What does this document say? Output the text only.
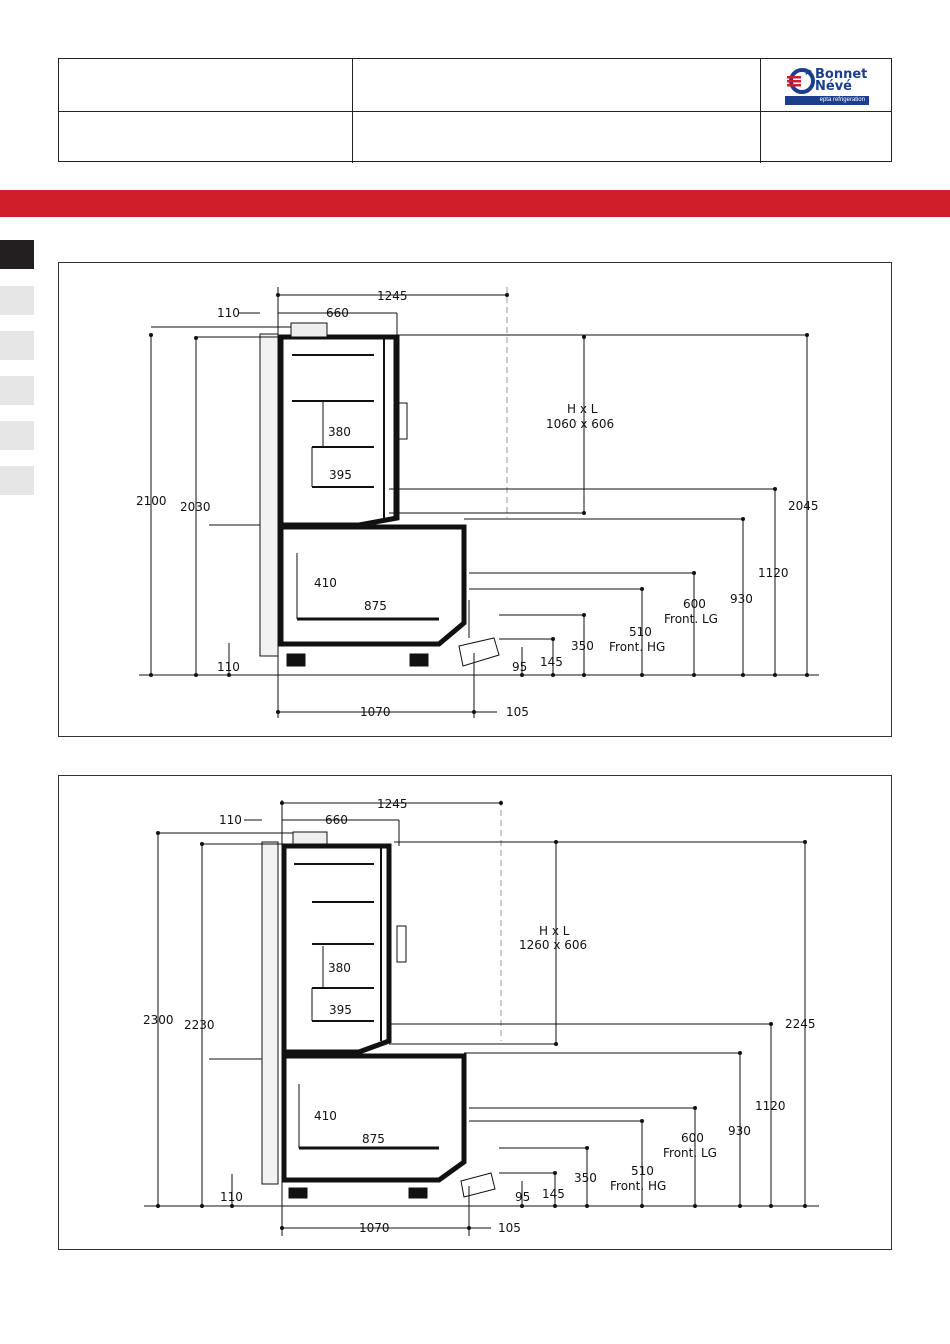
Bonnet
Névé
epta refrigeration
1245
660
110
2100 2030	2045
H x L
1060 x 606
380
395
410
875
1120
930
600
Front. LG
510
Front. HG
350
110	95 145
1070	105
1245
660
110
2300 2230	2245
H x L
1260 x 606
380
395
410
875
1120
930
600
Front. LG
510
Front. HG
350
110	95 145
1070	105
